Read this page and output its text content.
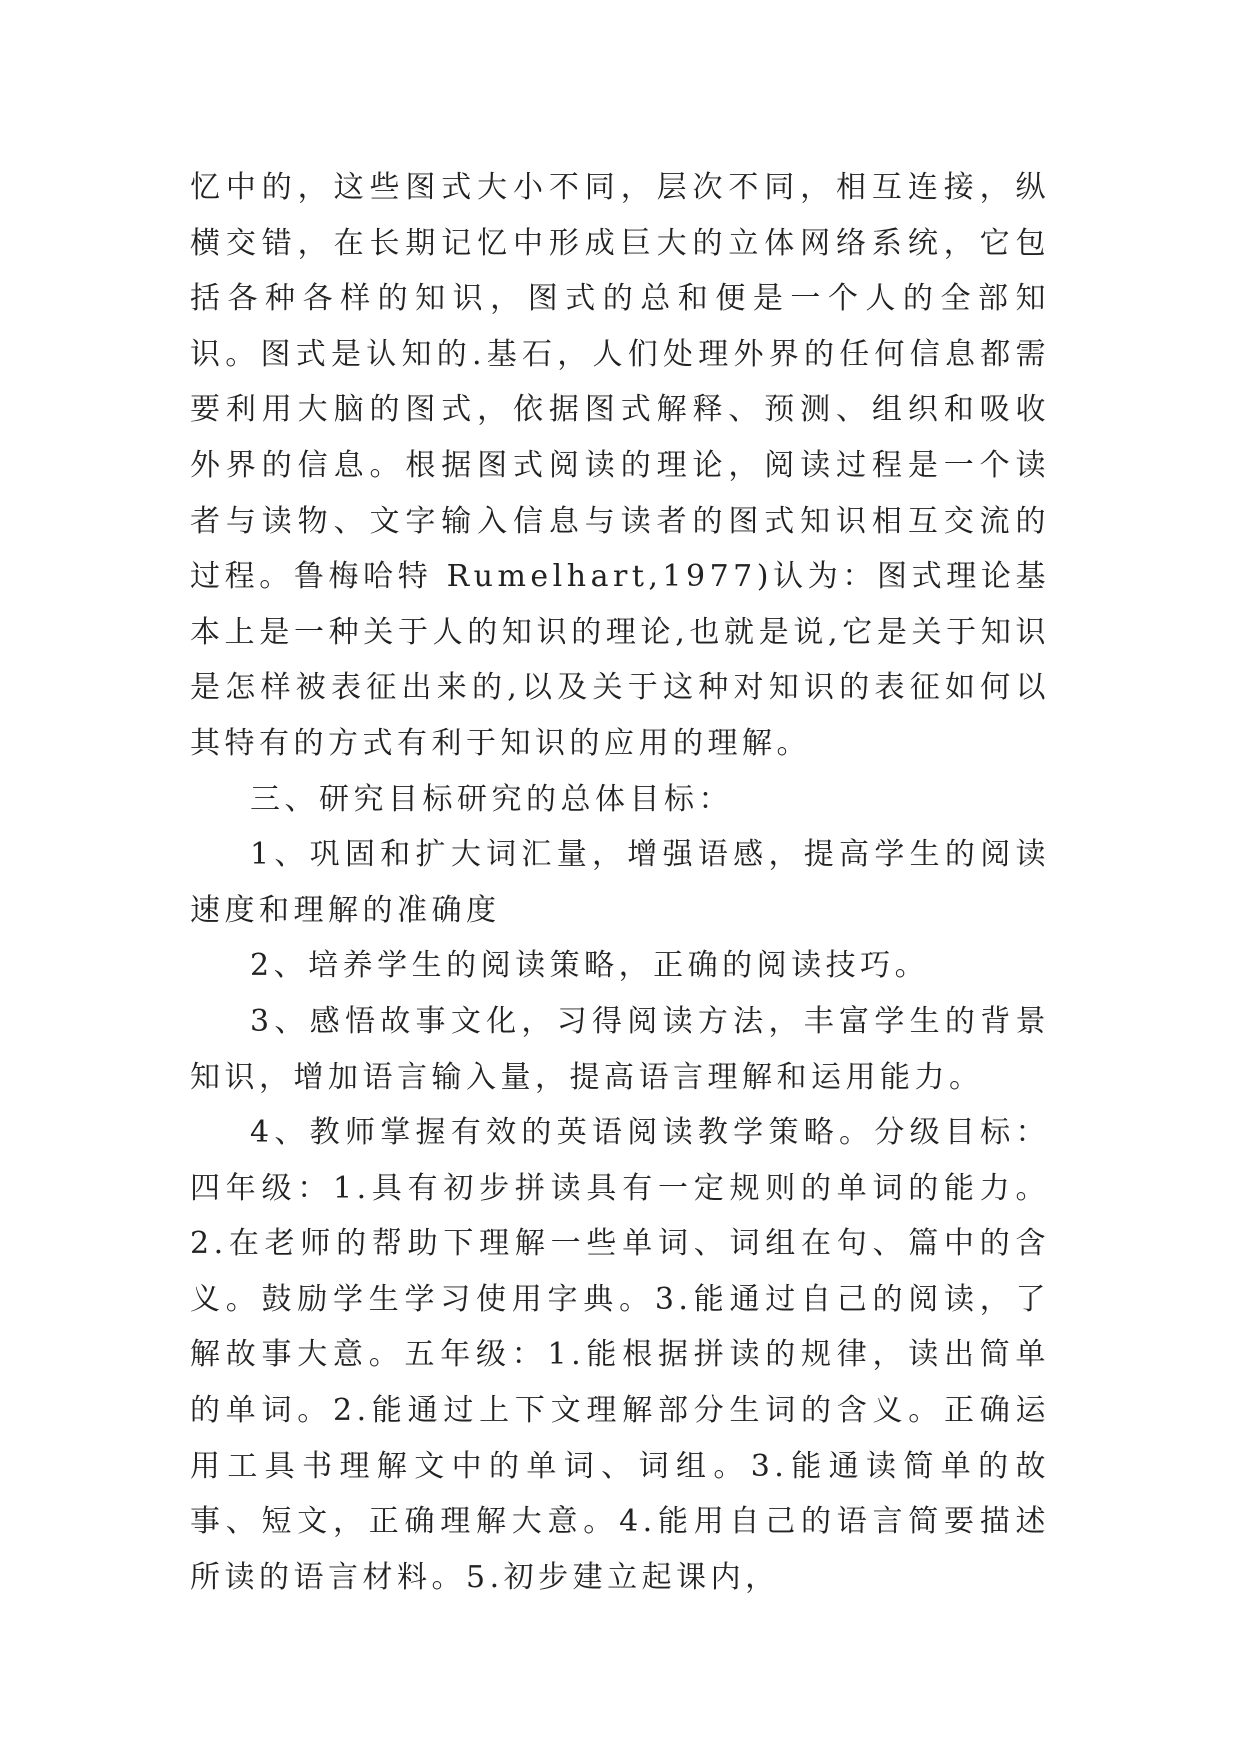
忆中的，这些图式大小不同，层次不同，相互连接，纵横交错，在长期记忆中形成巨大的立体网络系统，它包括各种各样的知识，图式的总和便是一个人的全部知识。图式是认知的.基石，人们处理外界的任何信息都需要利用大脑的图式，依据图式解释、预测、组织和吸收外界的信息。根据图式阅读的理论，阅读过程是一个读者与读物、文字输入信息与读者的图式知识相互交流的过程。鲁梅哈特 Rumelhart,1977)认为：图式理论基本上是一种关于人的知识的理论,也就是说,它是关于知识是怎样被表征出来的,以及关于这种对知识的表征如何以其特有的方式有利于知识的应用的理解。

三、研究目标研究的总体目标：

1、巩固和扩大词汇量，增强语感，提高学生的阅读速度和理解的准确度

2、培养学生的阅读策略，正确的阅读技巧。

3、感悟故事文化，习得阅读方法，丰富学生的背景知识，增加语言输入量，提高语言理解和运用能力。

4、教师掌握有效的英语阅读教学策略。分级目标：四年级：1.具有初步拼读具有一定规则的单词的能力。2.在老师的帮助下理解一些单词、词组在句、篇中的含义。鼓励学生学习使用字典。3.能通过自己的阅读，了解故事大意。五年级：1.能根据拼读的规律，读出简单的单词。2.能通过上下文理解部分生词的含义。正确运用工具书理解文中的单词、词组。3.能通读简单的故事、短文，正确理解大意。4.能用自己的语言简要描述所读的语言材料。5.初步建立起课内，
